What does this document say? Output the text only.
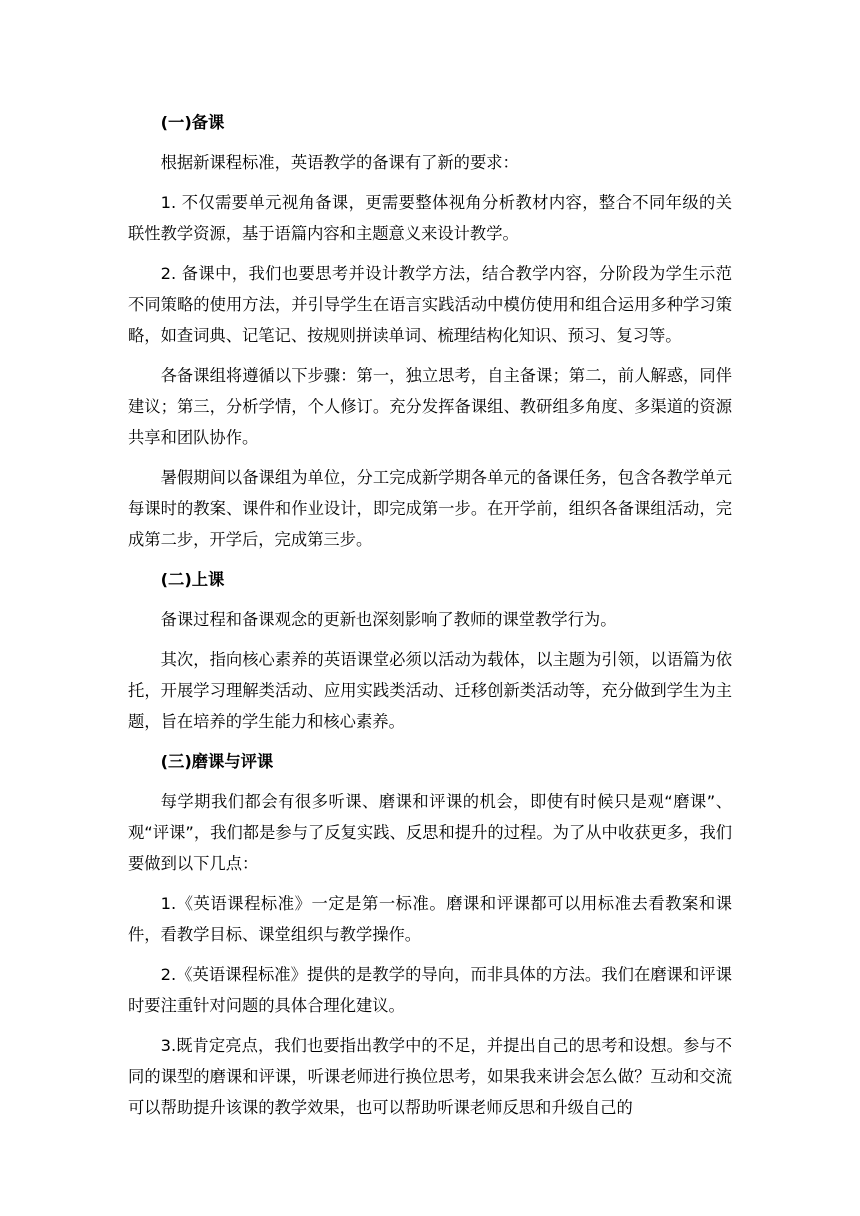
(一)备课

根据新课程标准，英语教学的备课有了新的要求：

1. 不仅需要单元视角备课，更需要整体视角分析教材内容，整合不同年级的关联性教学资源，基于语篇内容和主题意义来设计教学。

2. 备课中，我们也要思考并设计教学方法，结合教学内容，分阶段为学生示范不同策略的使用方法，并引导学生在语言实践活动中模仿使用和组合运用多种学习策略，如查词典、记笔记、按规则拼读单词、梳理结构化知识、预习、复习等。

各备课组将遵循以下步骤：第一，独立思考，自主备课；第二，前人解惑，同伴建议；第三，分析学情，个人修订。充分发挥备课组、教研组多角度、多渠道的资源共享和团队协作。

暑假期间以备课组为单位，分工完成新学期各单元的备课任务，包含各教学单元每课时的教案、课件和作业设计，即完成第一步。在开学前，组织各备课组活动，完成第二步，开学后，完成第三步。

(二)上课

备课过程和备课观念的更新也深刻影响了教师的课堂教学行为。

其次，指向核心素养的英语课堂必须以活动为载体，以主题为引领，以语篇为依托，开展学习理解类活动、应用实践类活动、迁移创新类活动等，充分做到学生为主题，旨在培养的学生能力和核心素养。

(三)磨课与评课

每学期我们都会有很多听课、磨课和评课的机会，即使有时候只是观“磨课”、观“评课”，我们都是参与了反复实践、反思和提升的过程。为了从中收获更多，我们要做到以下几点：

1.《英语课程标准》一定是第一标准。磨课和评课都可以用标准去看教案和课件，看教学目标、课堂组织与教学操作。

2.《英语课程标准》提供的是教学的导向，而非具体的方法。我们在磨课和评课时要注重针对问题的具体合理化建议。

3.既肯定亮点，我们也要指出教学中的不足，并提出自己的思考和设想。参与不同的课型的磨课和评课，听课老师进行换位思考，如果我来讲会怎么做？互动和交流可以帮助提升该课的教学效果，也可以帮助听课老师反思和升级自己的
